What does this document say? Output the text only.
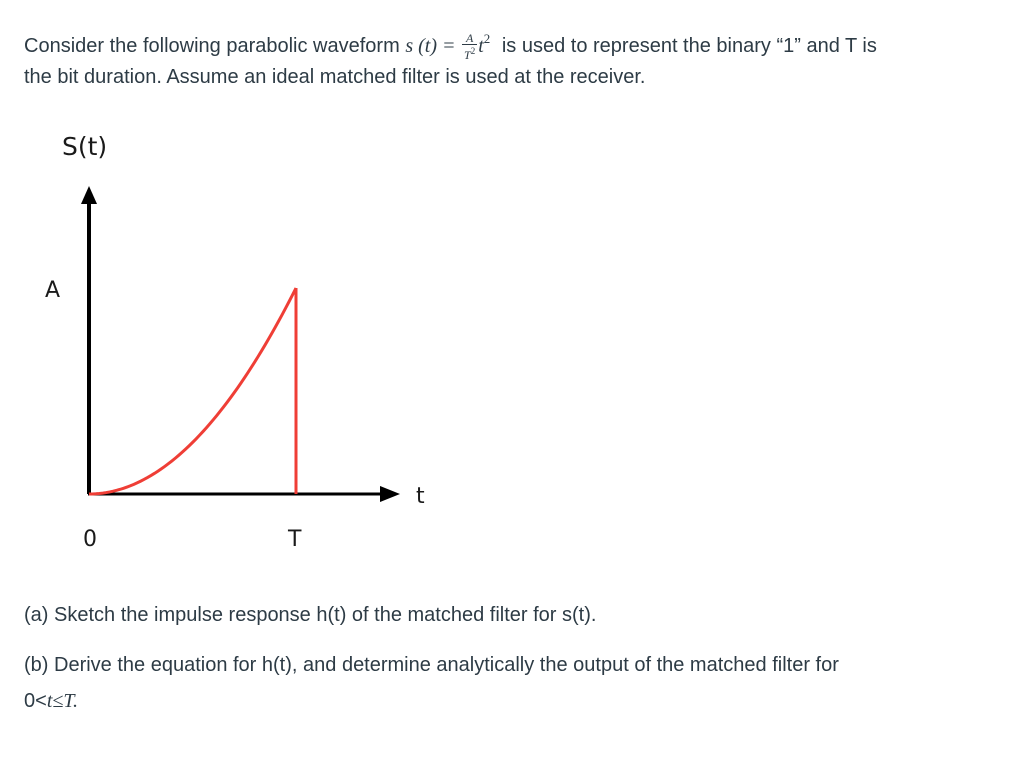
Consider the following parabolic waveform s $(t) = \frac{A}{T^2} t^2$ is used to represent the binary “1” and T is
the bit duration. Assume an ideal matched filter is used at the receiver.
S(t)
A
t
0	T
(a) Sketch the impulse response h(t) of the matched filter for s(t).
(b) Derive the equation for h(t), and determine analytically the output of the matched filter for
0<t≤T.
